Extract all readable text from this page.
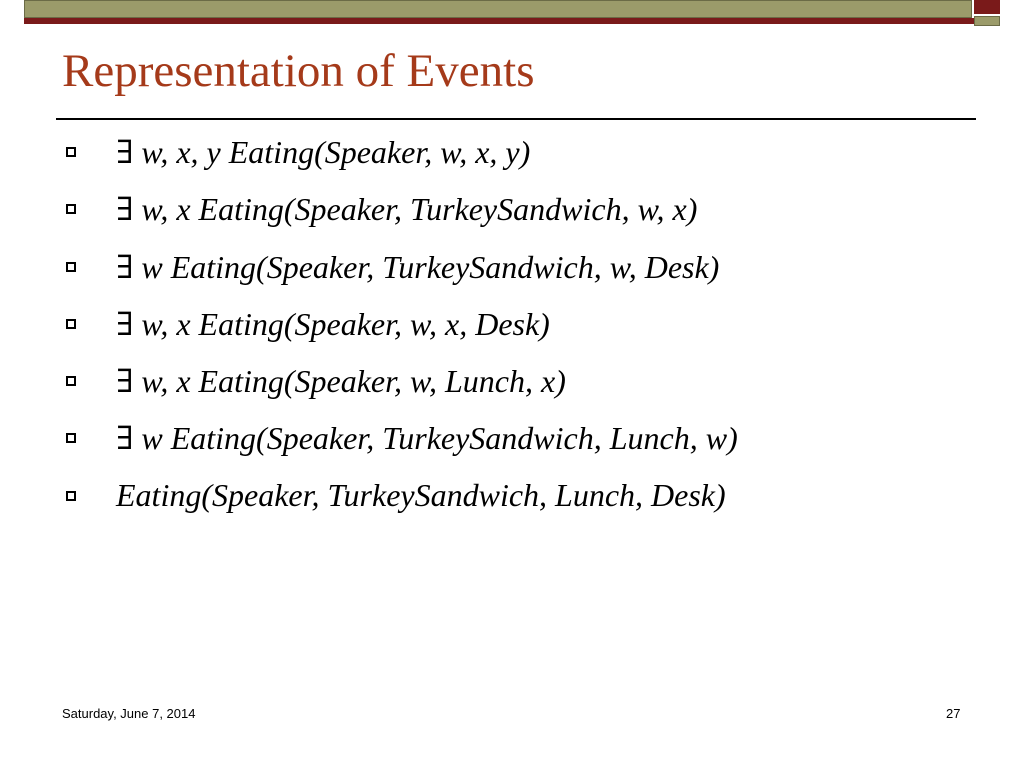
Representation of Events
∃ w, x, y Eating(Speaker, w, x, y)
∃ w, x Eating(Speaker, TurkeySandwich, w, x)
∃ w Eating(Speaker, TurkeySandwich, w, Desk)
∃ w, x Eating(Speaker, w, x, Desk)
∃ w, x Eating(Speaker, w, Lunch, x)
∃ w Eating(Speaker, TurkeySandwich, Lunch, w)
Eating(Speaker, TurkeySandwich, Lunch, Desk)
Saturday, June 7, 2014	27
